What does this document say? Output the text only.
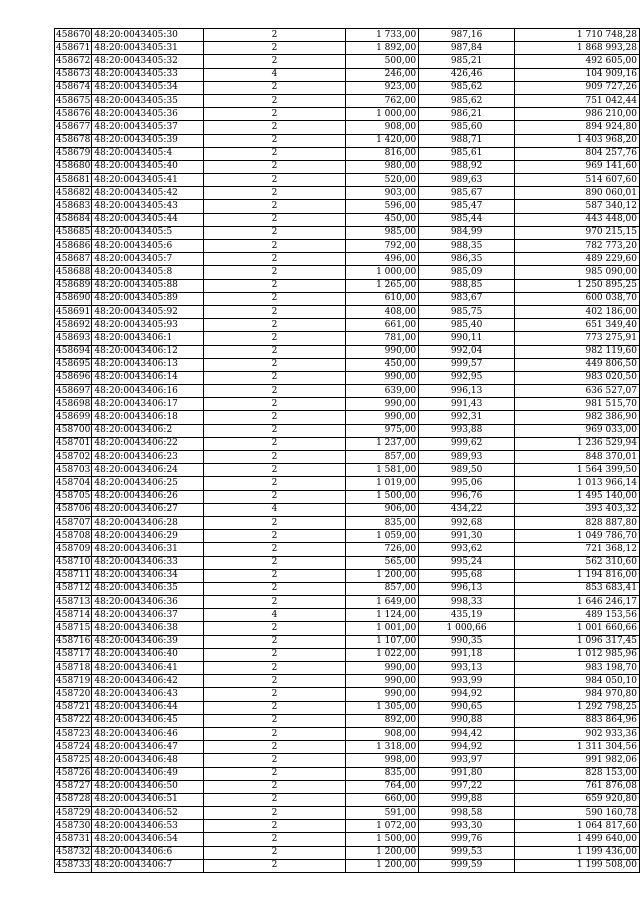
458670	48:20:0043405:30	2	1 733,00	987,16	1 710 748,28
458671	48:20:0043405:31	2	1 892,00	987,84	1 868 993,28
458672	48:20:0043405:32	2	500,00	985,21	492 605,00
458673	48:20:0043405:33	4	246,00	426,46	104 909,16
458674	48:20:0043405:34	2	923,00	985,62	909 727,26
458675	48:20:0043405:35	2	762,00	985,62	751 042,44
458676	48:20:0043405:36	2	1 000,00	986,21	986 210,00
458677	48:20:0043405:37	2	908,00	985,60	894 924,80
458678	48:20:0043405:39	2	1 420,00	988,71	1 403 968,20
458679	48:20:0043405:4	2	816,00	985,61	804 257,76
458680	48:20:0043405:40	2	980,00	988,92	969 141,60
458681	48:20:0043405:41	2	520,00	989,63	514 607,60
458682	48:20:0043405:42	2	903,00	985,67	890 060,01
458683	48:20:0043405:43	2	596,00	985,47	587 340,12
458684	48:20:0043405:44	2	450,00	985,44	443 448,00
458685	48:20:0043405:5	2	985,00	984,99	970 215,15
458686	48:20:0043405:6	2	792,00	988,35	782 773,20
458687	48:20:0043405:7	2	496,00	986,35	489 229,60
458688	48:20:0043405:8	2	1 000,00	985,09	985 090,00
458689	48:20:0043405:88	2	1 265,00	988,85	1 250 895,25
458690	48:20:0043405:89	2	610,00	983,67	600 038,70
458691	48:20:0043405:92	2	408,00	985,75	402 186,00
458692	48:20:0043405:93	2	661,00	985,40	651 349,40
458693	48:20:0043406:1	2	781,00	990,11	773 275,91
458694	48:20:0043406:12	2	990,00	992,04	982 119,60
458695	48:20:0043406:13	2	450,00	999,57	449 806,50
458696	48:20:0043406:14	2	990,00	992,95	983 020,50
458697	48:20:0043406:16	2	639,00	996,13	636 527,07
458698	48:20:0043406:17	2	990,00	991,43	981 515,70
458699	48:20:0043406:18	2	990,00	992,31	982 386,90
458700	48:20:0043406:2	2	975,00	993,88	969 033,00
458701	48:20:0043406:22	2	1 237,00	999,62	1 236 529,94
458702	48:20:0043406:23	2	857,00	989,93	848 370,01
458703	48:20:0043406:24	2	1 581,00	989,50	1 564 399,50
458704	48:20:0043406:25	2	1 019,00	995,06	1 013 966,14
458705	48:20:0043406:26	2	1 500,00	996,76	1 495 140,00
458706	48:20:0043406:27	4	906,00	434,22	393 403,32
458707	48:20:0043406:28	2	835,00	992,68	828 887,80
458708	48:20:0043406:29	2	1 059,00	991,30	1 049 786,70
458709	48:20:0043406:31	2	726,00	993,62	721 368,12
458710	48:20:0043406:33	2	565,00	995,24	562 310,60
458711	48:20:0043406:34	2	1 200,00	995,68	1 194 816,00
458712	48:20:0043406:35	2	857,00	996,13	853 683,41
458713	48:20:0043406:36	2	1 649,00	998,33	1 646 246,17
458714	48:20:0043406:37	4	1 124,00	435,19	489 153,56
458715	48:20:0043406:38	2	1 001,00	1 000,66	1 001 660,66
458716	48:20:0043406:39	2	1 107,00	990,35	1 096 317,45
458717	48:20:0043406:40	2	1 022,00	991,18	1 012 985,96
458718	48:20:0043406:41	2	990,00	993,13	983 198,70
458719	48:20:0043406:42	2	990,00	993,99	984 050,10
458720	48:20:0043406:43	2	990,00	994,92	984 970,80
458721	48:20:0043406:44	2	1 305,00	990,65	1 292 798,25
458722	48:20:0043406:45	2	892,00	990,88	883 864,96
458723	48:20:0043406:46	2	908,00	994,42	902 933,36
458724	48:20:0043406:47	2	1 318,00	994,92	1 311 304,56
458725	48:20:0043406:48	2	998,00	993,97	991 982,06
458726	48:20:0043406:49	2	835,00	991,80	828 153,00
458727	48:20:0043406:50	2	764,00	997,22	761 876,08
458728	48:20:0043406:51	2	660,00	999,88	659 920,80
458729	48:20:0043406:52	2	591,00	998,58	590 160,78
458730	48:20:0043406:53	2	1 072,00	993,30	1 064 817,60
458731	48:20:0043406:54	2	1 500,00	999,76	1 499 640,00
458732	48:20:0043406:6	2	1 200,00	999,53	1 199 436,00
458733	48:20:0043406:7	2	1 200,00	999,59	1 199 508,00
